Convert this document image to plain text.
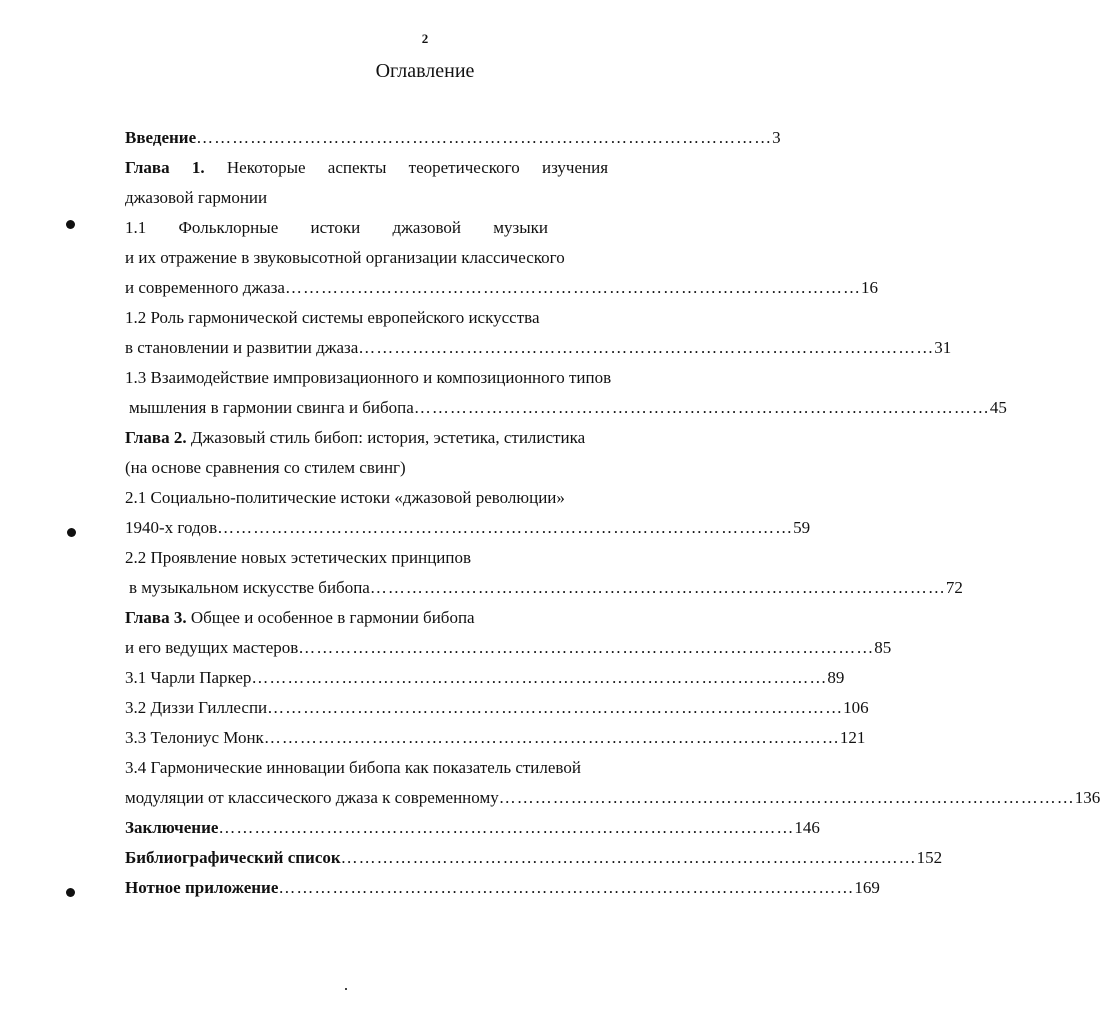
2
Оглавление
Введение …………………………………………………………………………………… 3
Глава 1.
Некоторые аспекты теоретического изучения
джазовой гармонии
1.1 Фольклорные истоки джазовой музыки
и их отражение в звуковысотной организации классического
и современного джаза …………………………………………………………………………………… 16
1.2 Роль гармонической системы европейского искусства
в становлении и развитии джаза …………………………………………………………………………………… 31
1.3 Взаимодействие импровизационного и композиционного типов
мышления в гармонии свинга и бибопа …………………………………………………………………………………… 45
Глава 2.
Джазовый стиль бибоп: история, эстетика, стилистика
(на основе сравнения со стилем свинг)
2.1 Социально-политические истоки «джазовой революции»
1940-х годов …………………………………………………………………………………… 59
2.2 Проявление новых эстетических принципов
в музыкальном искусстве бибопа …………………………………………………………………………………… 72
Глава 3.
Общее и особенное в гармонии бибопа
и его ведущих мастеров …………………………………………………………………………………… 85
3.1 Чарли Паркер …………………………………………………………………………………… 89
3.2 Диззи Гиллеспи …………………………………………………………………………………… 106
3.3 Телониус Монк …………………………………………………………………………………… 121
3.4 Гармонические инновации бибопа как показатель стилевой
модуляции от классического джаза к современному …………………………………………………………………………………… 136
Заключение …………………………………………………………………………………… 146
Библиографический список …………………………………………………………………………………… 152
Нотное приложение …………………………………………………………………………………… 169
